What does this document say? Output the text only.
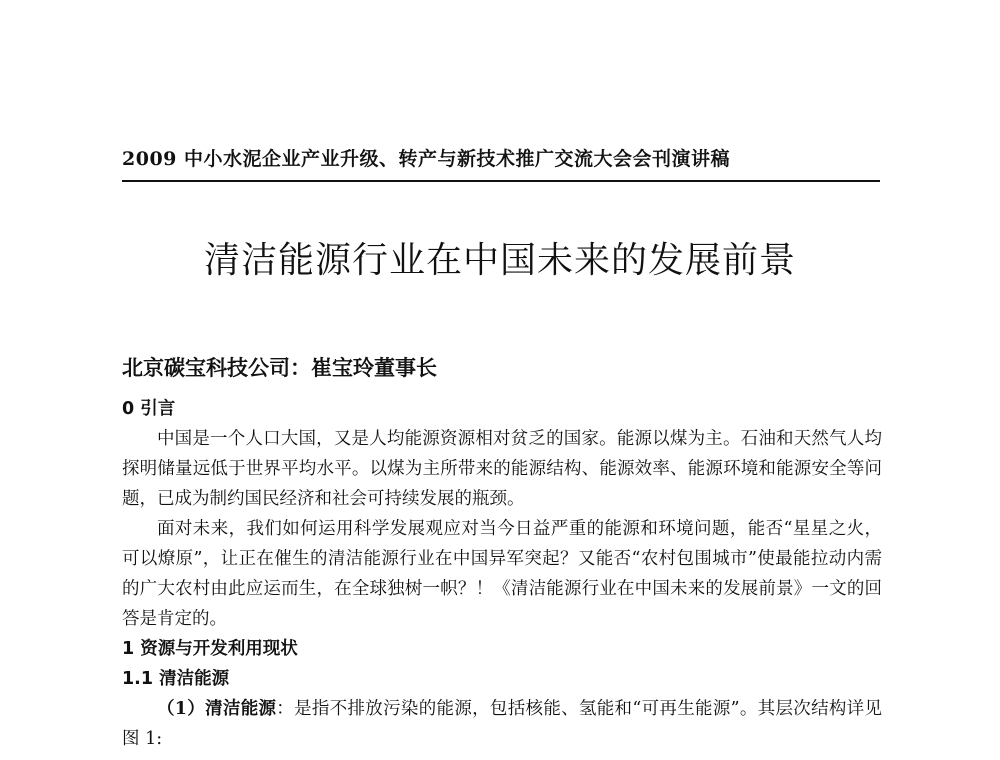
2009 中小水泥企业产业升级、转产与新技术推广交流大会会刊演讲稿
清洁能源行业在中国未来的发展前景
北京碳宝科技公司：崔宝玲董事长

0 引言

中国是一个人口大国，又是人均能源资源相对贫乏的国家。能源以煤为主。石油和天然气人均探明储量远低于世界平均水平。以煤为主所带来的能源结构、能源效率、能源环境和能源安全等问题，已成为制约国民经济和社会可持续发展的瓶颈。

面对未来，我们如何运用科学发展观应对当今日益严重的能源和环境问题，能否“星星之火，可以燎原”，让正在催生的清洁能源行业在中国异军突起？又能否“农村包围城市”使最能拉动内需的广大农村由此应运而生，在全球独树一帜？！《清洁能源行业在中国未来的发展前景》一文的回答是肯定的。

1 资源与开发利用现状

1.1 清洁能源

（1）清洁能源：是指不排放污染的能源，包括核能、氢能和“可再生能源”。其层次结构详见图 1:
